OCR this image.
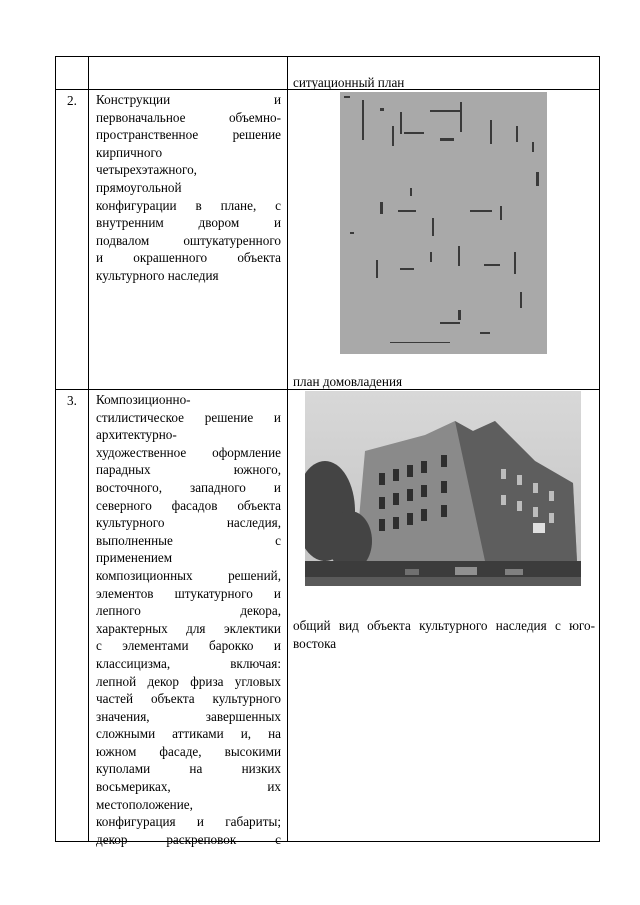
ситуационный план
2.	Конструкции и
первоначальное объемно-
пространственное решение
кирпичного
четырехэтажного,
прямоугольной
конфигурации в плане, с
внутренним двором и
подвалом оштукатуренного
и окрашенного объекта
культурного наследия
план домовладения
3.	Композиционно-
стилистическое решение и
архитектурно-
художественное оформление
парадных южного,
восточного, западного и
северного фасадов объекта
культурного наследия,
выполненные с
применением
композиционных решений,
элементов штукатурного и
лепного декора,
характерных для эклектики
с элементами барокко и
классицизма, включая:
лепной декор фриза угловых
частей объекта культурного
значения, завершенных
сложными аттиками и, на
южном фасаде, высокими
куполами на низких
восьмериках, их
местоположение,
конфигурация и габариты;
декор раскреповок с
общий вид объекта культурного наследия с юго-востока
